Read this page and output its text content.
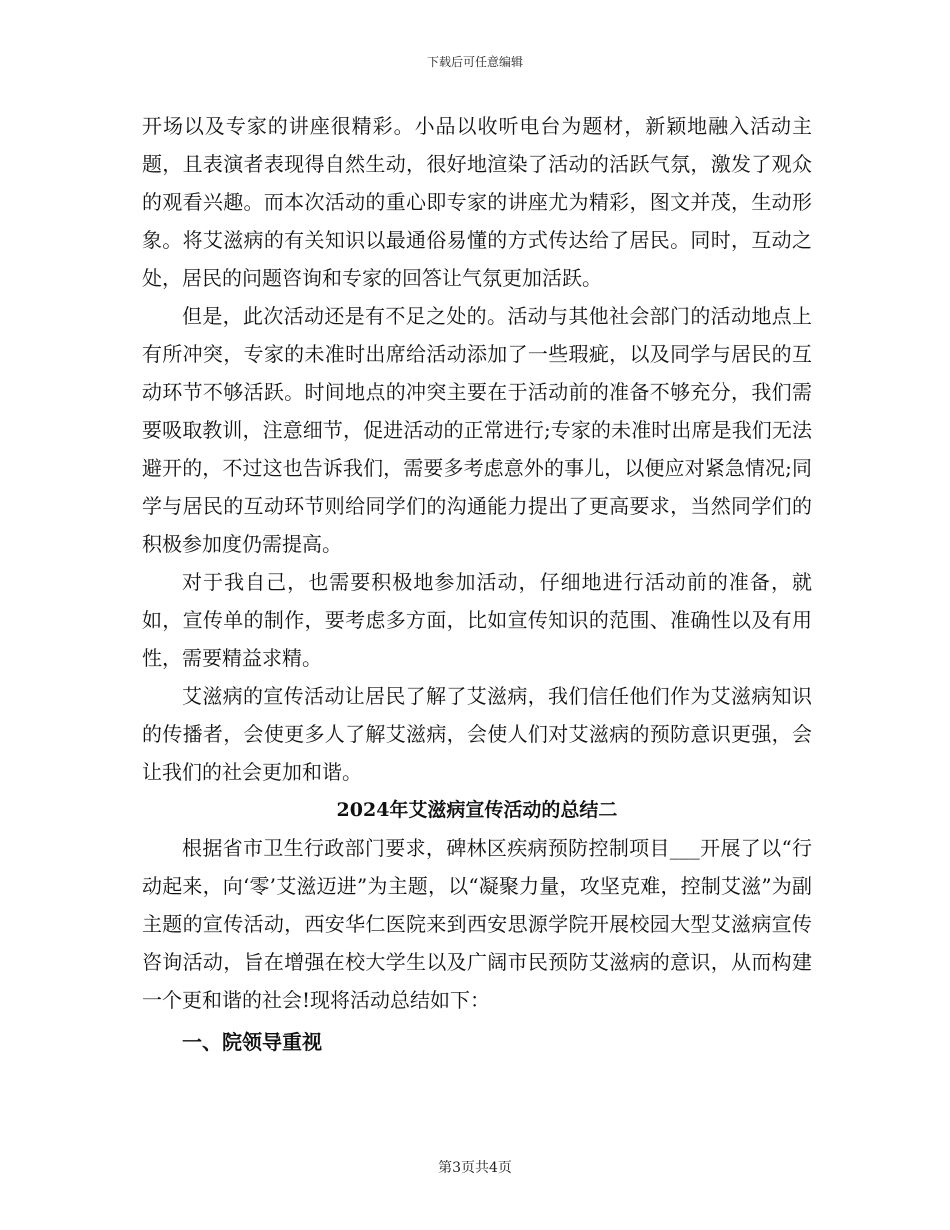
下载后可任意编辑

开场以及专家的讲座很精彩。小品以收听电台为题材，新颖地融入活动主题，且表演者表现得自然生动，很好地渲染了活动的活跃气氛，激发了观众的观看兴趣。而本次活动的重心即专家的讲座尤为精彩，图文并茂，生动形象。将艾滋病的有关知识以最通俗易懂的方式传达给了居民。同时，互动之处，居民的问题咨询和专家的回答让气氛更加活跃。

但是，此次活动还是有不足之处的。活动与其他社会部门的活动地点上有所冲突，专家的未准时出席给活动添加了一些瑕疵，以及同学与居民的互动环节不够活跃。时间地点的冲突主要在于活动前的准备不够充分，我们需要吸取教训，注意细节，促进活动的正常进行;专家的未准时出席是我们无法避开的，不过这也告诉我们，需要多考虑意外的事儿，以便应对紧急情况;同学与居民的互动环节则给同学们的沟通能力提出了更高要求，当然同学们的积极参加度仍需提高。

对于我自己，也需要积极地参加活动，仔细地进行活动前的准备，就如，宣传单的制作，要考虑多方面，比如宣传知识的范围、准确性以及有用性，需要精益求精。

艾滋病的宣传活动让居民了解了艾滋病，我们信任他们作为艾滋病知识的传播者，会使更多人了解艾滋病，会使人们对艾滋病的预防意识更强，会让我们的社会更加和谐。

2024年艾滋病宣传活动的总结二

根据省市卫生行政部门要求，碑林区疾病预防控制项目___开展了以“行动起来，向‘零’艾滋迈进”为主题，以“凝聚力量，攻坚克难，控制艾滋”为副主题的宣传活动，西安华仁医院来到西安思源学院开展校园大型艾滋病宣传咨询活动，旨在增强在校大学生以及广阔市民预防艾滋病的意识，从而构建一个更和谐的社会!现将活动总结如下：

一、院领导重视

第3页共4页
